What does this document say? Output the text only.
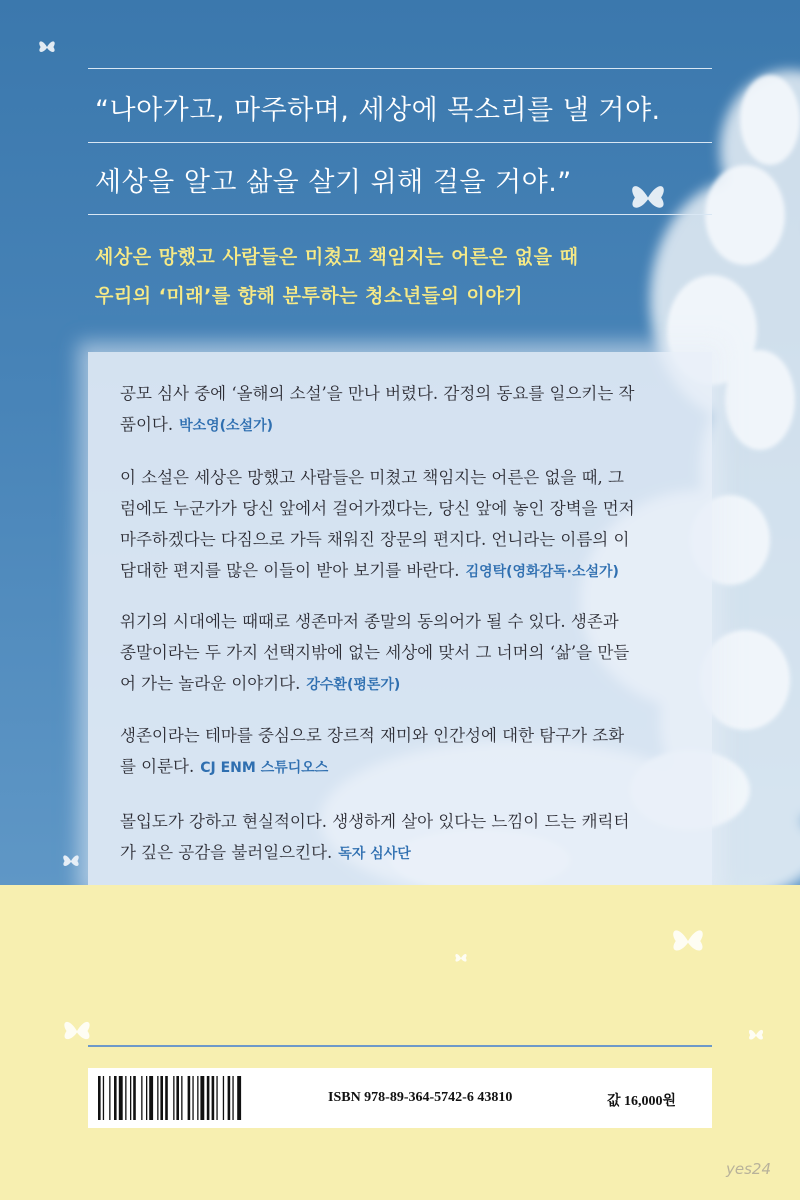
“나아가고, 마주하며, 세상에 목소리를 낼 거야.
세상을 알고 삶을 살기 위해 걸을 거야.”
세상은 망했고 사람들은 미쳤고 책임지는 어른은 없을 때
우리의 ‘미래’를 향해 분투하는 청소년들의 이야기
공모 심사 중에 ‘올해의 소설’을 만나 버렸다. 감정의 동요를 일으키는 작
품이다. 박소영(소설가)
이 소설은 세상은 망했고 사람들은 미쳤고 책임지는 어른은 없을 때, 그
럼에도 누군가가 당신 앞에서 걸어가겠다는, 당신 앞에 놓인 장벽을 먼저
마주하겠다는 다짐으로 가득 채워진 장문의 편지다. 언니라는 이름의 이
담대한 편지를 많은 이들이 받아 보기를 바란다. 김영탁(영화감독·소설가)
위기의 시대에는 때때로 생존마저 종말의 동의어가 될 수 있다. 생존과
종말이라는 두 가지 선택지밖에 없는 세상에 맞서 그 너머의 ‘삶’을 만들
어 가는 놀라운 이야기다. 강수환(평론가)
생존이라는 테마를 중심으로 장르적 재미와 인간성에 대한 탐구가 조화
를 이룬다. CJ ENM 스튜디오스
몰입도가 강하고 현실적이다. 생생하게 살아 있다는 느낌이 드는 캐릭터
가 깊은 공감을 불러일으킨다. 독자 심사단
ISBN 978-89-364-5742-6 43810	값 16,000원
yes24
